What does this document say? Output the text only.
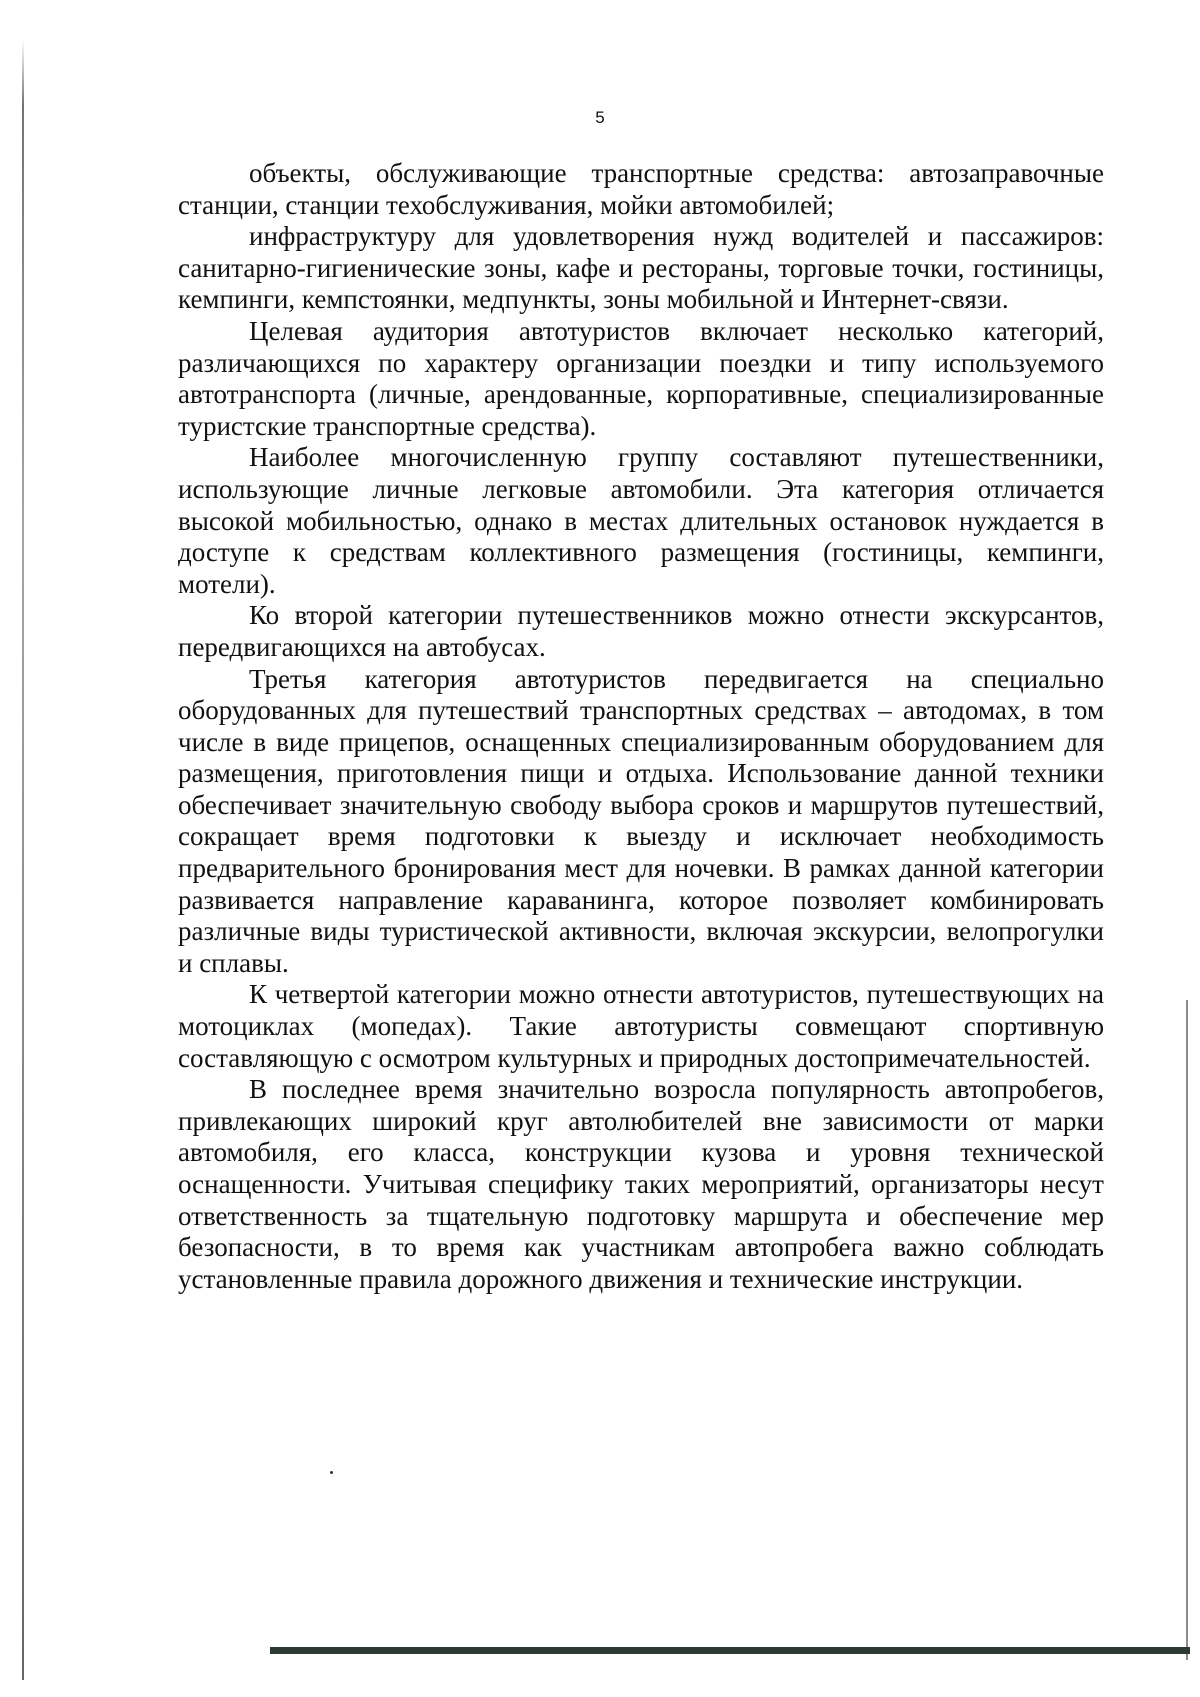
5

объекты, обслуживающие транспортные средства: автозаправочные станции, станции техобслуживания, мойки автомобилей;

инфраструктуру для удовлетворения нужд водителей и пассажиров: санитарно-гигиенические зоны, кафе и рестораны, торговые точки, гостиницы, кемпинги, кемпстоянки, медпункты, зоны мобильной и Интернет-связи.

Целевая аудитория автотуристов включает несколько категорий, различающихся по характеру организации поездки и типу используемого автотранспорта (личные, арендованные, корпоративные, специализированные туристские транспортные средства).

Наиболее многочисленную группу составляют путешественники, использующие личные легковые автомобили. Эта категория отличается высокой мобильностью, однако в местах длительных остановок нуждается в доступе к средствам коллективного размещения (гостиницы, кемпинги, мотели).

Ко второй категории путешественников можно отнести экскурсантов, передвигающихся на автобусах.

Третья категория автотуристов передвигается на специально оборудованных для путешествий транспортных средствах – автодомах, в том числе в виде прицепов, оснащенных специализированным оборудованием для размещения, приготовления пищи и отдыха. Использование данной техники обеспечивает значительную свободу выбора сроков и маршрутов путешествий, сокращает время подготовки к выезду и исключает необходимость предварительного бронирования мест для ночевки. В рамках данной категории развивается направление караванинга, которое позволяет комбинировать различные виды туристической активности, включая экскурсии, велопрогулки и сплавы.

К четвертой категории можно отнести автотуристов, путешествующих на мотоциклах (мопедах). Такие автотуристы совмещают спортивную составляющую с осмотром культурных и природных достопримечательностей.

В последнее время значительно возросла популярность автопробегов, привлекающих широкий круг автолюбителей вне зависимости от марки автомобиля, его класса, конструкции кузова и уровня технической оснащенности. Учитывая специфику таких мероприятий, организаторы несут ответственность за тщательную подготовку маршрута и обеспечение мер безопасности, в то время как участникам автопробега важно соблюдать установленные правила дорожного движения и технические инструкции.
